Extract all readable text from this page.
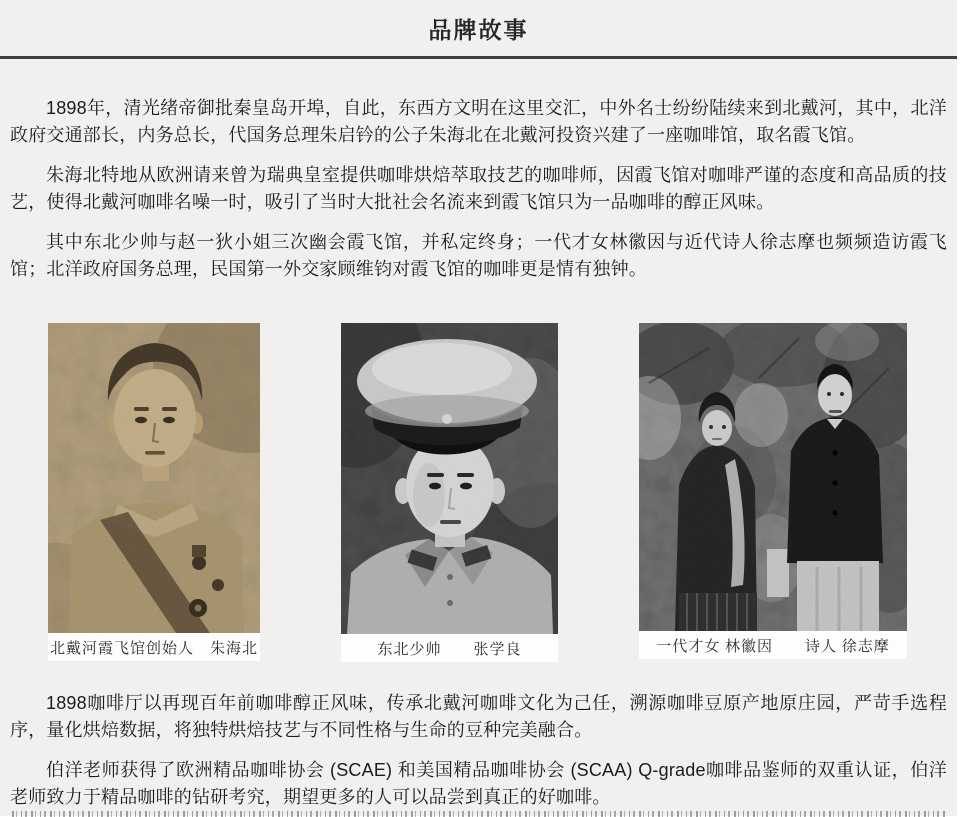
品牌故事

1898年，清光绪帝御批秦皇岛开埠，自此，东西方文明在这里交汇，中外名士纷纷陆续来到北戴河，其中，北洋政府交通部长，内务总长，代国务总理朱启钤的公子朱海北在北戴河投资兴建了一座咖啡馆，取名霞飞馆。

朱海北特地从欧洲请来曾为瑞典皇室提供咖啡烘焙萃取技艺的咖啡师，因霞飞馆对咖啡严谨的态度和高品质的技艺，使得北戴河咖啡名噪一时，吸引了当时大批社会名流来到霞飞馆只为一品咖啡的醇正风味。

其中东北少帅与赵一狄小姐三次幽会霞飞馆，并私定终身；一代才女林徽因与近代诗人徐志摩也频频造访霞飞馆；北洋政府国务总理，民国第一外交家顾维钧对霞飞馆的咖啡更是情有独钟。

北戴河霞飞馆创始人　朱海北	东北少帅　　张学良	一代才女 林徽因　　诗人 徐志摩

1898咖啡厅以再现百年前咖啡醇正风味，传承北戴河咖啡文化为己任，溯源咖啡豆原产地原庄园，严苛手选程序，量化烘焙数据，将独特烘焙技艺与不同性格与生命的豆种完美融合。

伯洋老师获得了欧洲精品咖啡协会 (SCAE) 和美国精品咖啡协会 (SCAA) Q-grade咖啡品鉴师的双重认证，伯洋老师致力于精品咖啡的钻研考究，期望更多的人可以品尝到真正的好咖啡。
